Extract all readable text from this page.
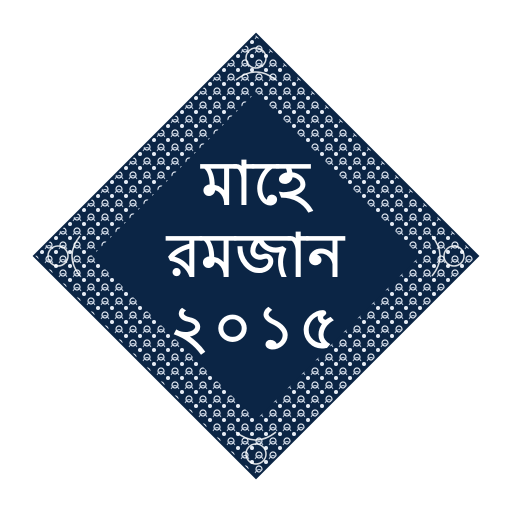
মাহে
রমজান
২০১৫
